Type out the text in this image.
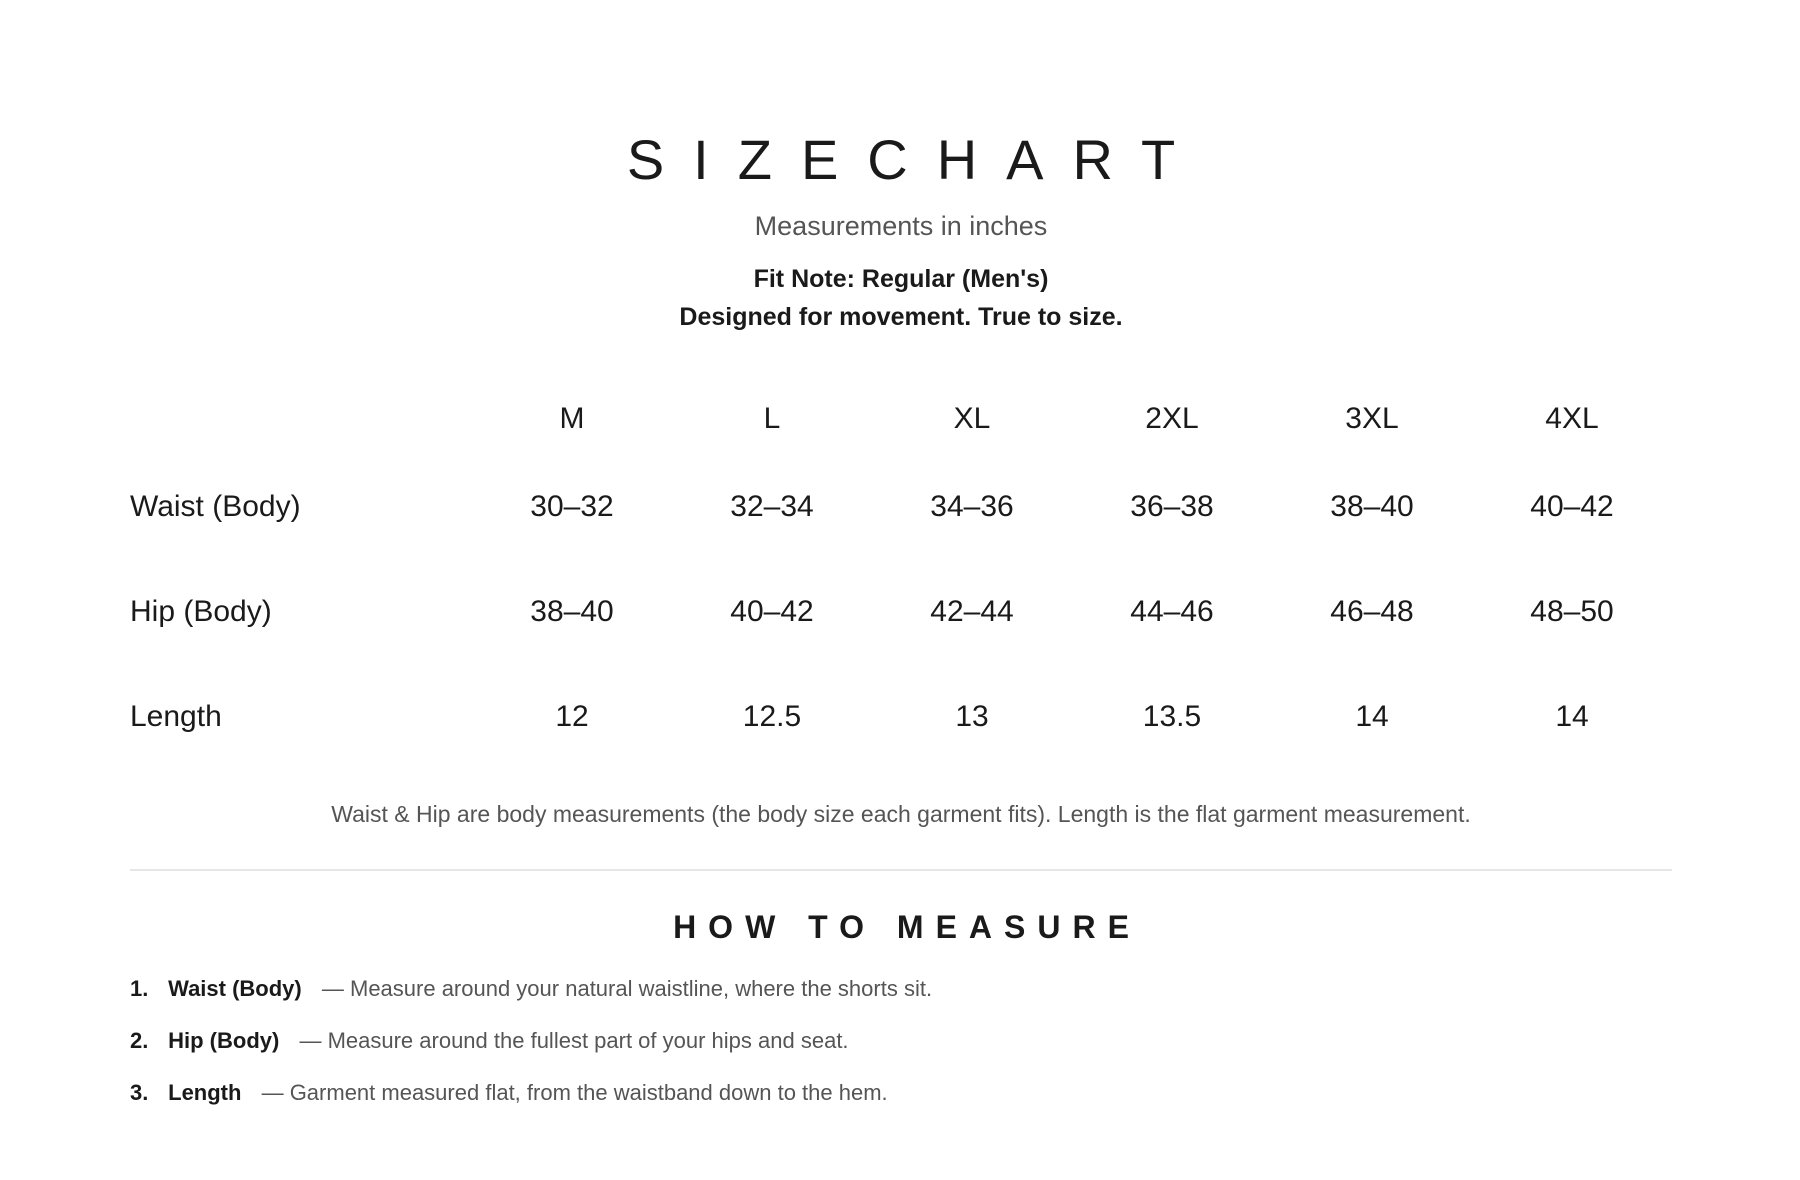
SIZECHART
Measurements in inches
Fit Note: Regular (Men's)
Designed for movement. True to size.
	M	L	XL	2XL	3XL	4XL
Waist (Body)	30–32	32–34	34–36	36–38	38–40	40–42
Hip (Body)	38–40	40–42	42–44	44–46	46–48	48–50
Length	12	12.5	13	13.5	14	14
Waist & Hip are body measurements (the body size each garment fits). Length is the flat garment measurement.
HOW TO MEASURE
1. Waist (Body) — Measure around your natural waistline, where the shorts sit.
2. Hip (Body) — Measure around the fullest part of your hips and seat.
3. Length — Garment measured flat, from the waistband down to the hem.
